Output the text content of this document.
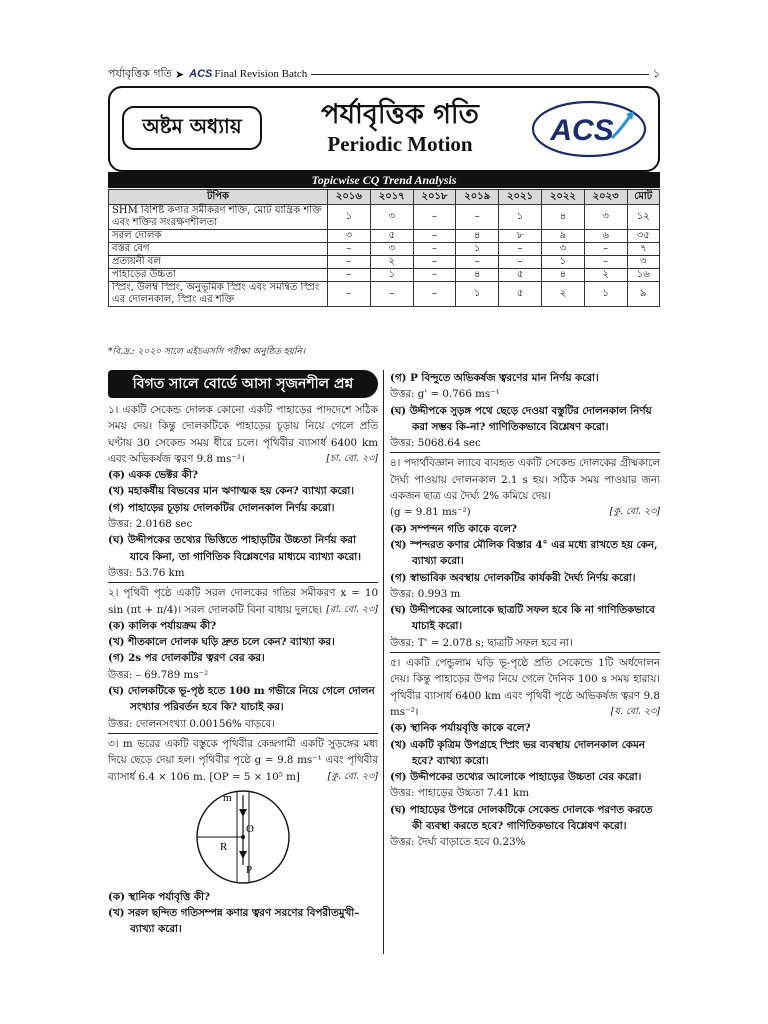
পর্যাবৃত্তিক গতি ➤ ACS Final Revision Batch	১
অষ্টম অধ্যায়	পর্যাবৃত্তিক গতি
Periodic Motion	ACS
Topicwise CQ Trend Analysis
টপিক	২০১৬	২০১৭	২০১৮	২০১৯	২০২১	২০২২	২০২৩	মোট
SHM বিশিষ্ট কণার সমীকরণ শক্তি, মোট যান্ত্রিক শক্তি এবং শক্তির সংরক্ষণশীলতা	১	৩	–	–	১	৪	৩	১২
সরল দোলক	৩	৫	–	৪	৮	৯	৬	৩৫
বস্তর বেগ	–	৩	–	১	–	৩	–	৭
প্রত্যয়নী বল	–	২	–	–	–	১	–	৩
পাহাড়ের উচ্চতা	–	১	–	৪	৫	৪	২	১৬
স্প্রিং, উলম্ব স্প্রিং, অনুভূমিক স্প্রিং এবং সমন্বিত স্প্রিং এর দোলনকাল, স্প্রিং এর শক্তি	–	–	–	১	৫	২	১	৯
*বি.দ্র.: ২০২০ সালে এইচএসসি পরীক্ষা অনুষ্ঠিত হয়নি।
বিগত সালে বোর্ডে আসা সৃজনশীল প্রশ্ন

১। একটি সেকেন্ড দোলক কোনো একটি পাহাড়ের পাদদেশে সঠিক সময় দেয়। কিন্তু দোলকটিকে পাহাড়ের চূড়ায় নিয়ে গেলে প্রতি ঘণ্টায় 30 সেকেন্ড সময় ধীরে চলে। পৃথিবীর ব্যাসার্ধ 6400 km এবং অভিকর্ষজ ত্বরণ 9.8 ms⁻²।	[চা. বো. ২৩]

(ক) একক ভেক্টর কী?

(খ) মহাকর্ষীয় বিভবের মান ঋণাত্মক হয় কেন? ব্যাখ্যা করো।

(গ) পাহাড়ের চূড়ায় দোলকটির দোলনকাল নির্ণয় করো।

উত্তর: 2.0168 sec

(ঘ) উদ্দীপকের তথ্যের ভিত্তিতে পাহাড়টির উচ্চতা নির্ণয় করা যাবে কিনা, তা গাণিতিক বিশ্লেষণের মাধ্যমে ব্যাখ্যা করো।

উত্তর: 53.76 km

২। পৃথিবী পৃষ্ঠে একটি সরল দোলকের গতির সমীকরণ x = 10 sin (πt + π/4)। সরল দোলকটি বিনা বাধায় দুলছে। [রা. বো. ২৩]

(ক) কালিক পর্যায়ক্রম কী?

(খ) শীতকালে দোলক ঘড়ি দ্রুত চলে কেন? ব্যাখ্যা কর।

(গ) 2s পর দোলকটির ত্বরণ বের কর।

উত্তর: – 69.789 ms⁻²

(ঘ) দোলকটিকে ভূ-পৃষ্ঠ হতে 100 m গভীরে নিয়ে গেলে দোলন সংখ্যার পরিবর্তন হবে কি? যাচাই কর।

উত্তর: দোলনসংখ্যা 0.00156% বাড়বে।

৩। m ভরের একটি বস্তুকে পৃথিবীর কেন্দ্রগামী একটি সুড়ঙ্গের মধ্য দিয়ে ছেড়ে দেয়া হল। পৃথিবীর পৃষ্ঠে g = 9.8 ms⁻¹ এবং পৃথিবীর ব্যাসার্ধ 6.4 × 106 m. [OP = 5 × 10⁵ m]	[কু. বো. ২৩]

m
O
R
P

(ক) স্থানিক পর্যাবৃত্তি কী?

(খ) সরল ছন্দিত গতিসম্পন্ন কণার ত্বরণ সরণের বিপরীতমুখী– ব্যাখ্যা করো।

(গ) P বিন্দুতে অভিকর্ষজ ত্বরণের মান নির্ণয় করো।

উত্তর: g' = 0.766 ms⁻¹

(ঘ) উদ্দীপকে সুড়ঙ্গ পথে ছেড়ে দেওয়া বস্তুটির দোলনকাল নির্ণয় করা সম্ভব কি-না? গাণিতিকভাবে বিশ্লেষণ করো।

উত্তর: 5068.64 sec

৪। পদার্থবিজ্ঞান ল্যাবে ব্যবহৃত একটি সেকেন্ড দোলকের গ্রীষ্মকালে দৈর্ঘ্য পাওয়ায় দোলনকাল 2.1 s হয়। সঠিক সময় পাওয়ার জন্য একজন ছাত্র এর দৈর্ঘ্য 2% কমিয়ে দেয়।

(g = 9.81 ms⁻²)	[কু. বো. ২৩]

(ক) সম্পন্দন গতি কাকে বলে?

(খ) স্পন্দরত কণার মৌলিক বিস্তার 4° এর মধ্যে রাখতে হয় কেন, ব্যাখ্যা করো।

(গ) স্বাভাবিক অবস্থায় দোলকটির কার্যকরী দৈর্ঘ্য নির্ণয় করো।

উত্তর: 0.993 m

(ঘ) উদ্দীপকের আলোকে ছাত্রটি সফল হবে কি না গাণিতিকভাবে যাচাই করো।

উত্তর: T' = 2.078 s; ছাত্রটি সফল হবে না।

৫। একটি পেন্ডুলাম ঘড়ি ভূ-পৃষ্ঠে প্রতি সেকেন্ডে 1টি অর্ধদোলন দেয়। কিন্তু পাহাড়ের উপর নিয়ে গেলে দৈনিক 100 s সময় হারায়। পৃথিবীর ব্যাসার্ধ 6400 km এবং পৃথিবী পৃষ্ঠে অভিকর্ষজ ত্বরণ 9.8 ms⁻²।	[য. বো. ২৩]

(ক) স্থানিক পর্যায়বৃত্তি কাকে বলে?

(খ) একটি কৃত্রিম উপগ্রহে স্প্রিং ভর ব্যবস্থায় দোলনকাল কেমন হবে? ব্যাখ্যা করো।

(গ) উদ্দীপকের তথ্যের আলোকে পাহাড়ের উচ্চতা বের করো।

উত্তর: পাহাড়ের উচ্চতা 7.41 km

(ঘ) পাহাড়ের উপরে দোলকটিকে সেকেন্ড দোলকে পরণত করতে কী ব্যবস্থা করতে হবে? গাণিতিকভাবে বিশ্লেষণ করো।

উত্তর: দৈর্ঘ্য বাড়াতে হবে 0.23%
